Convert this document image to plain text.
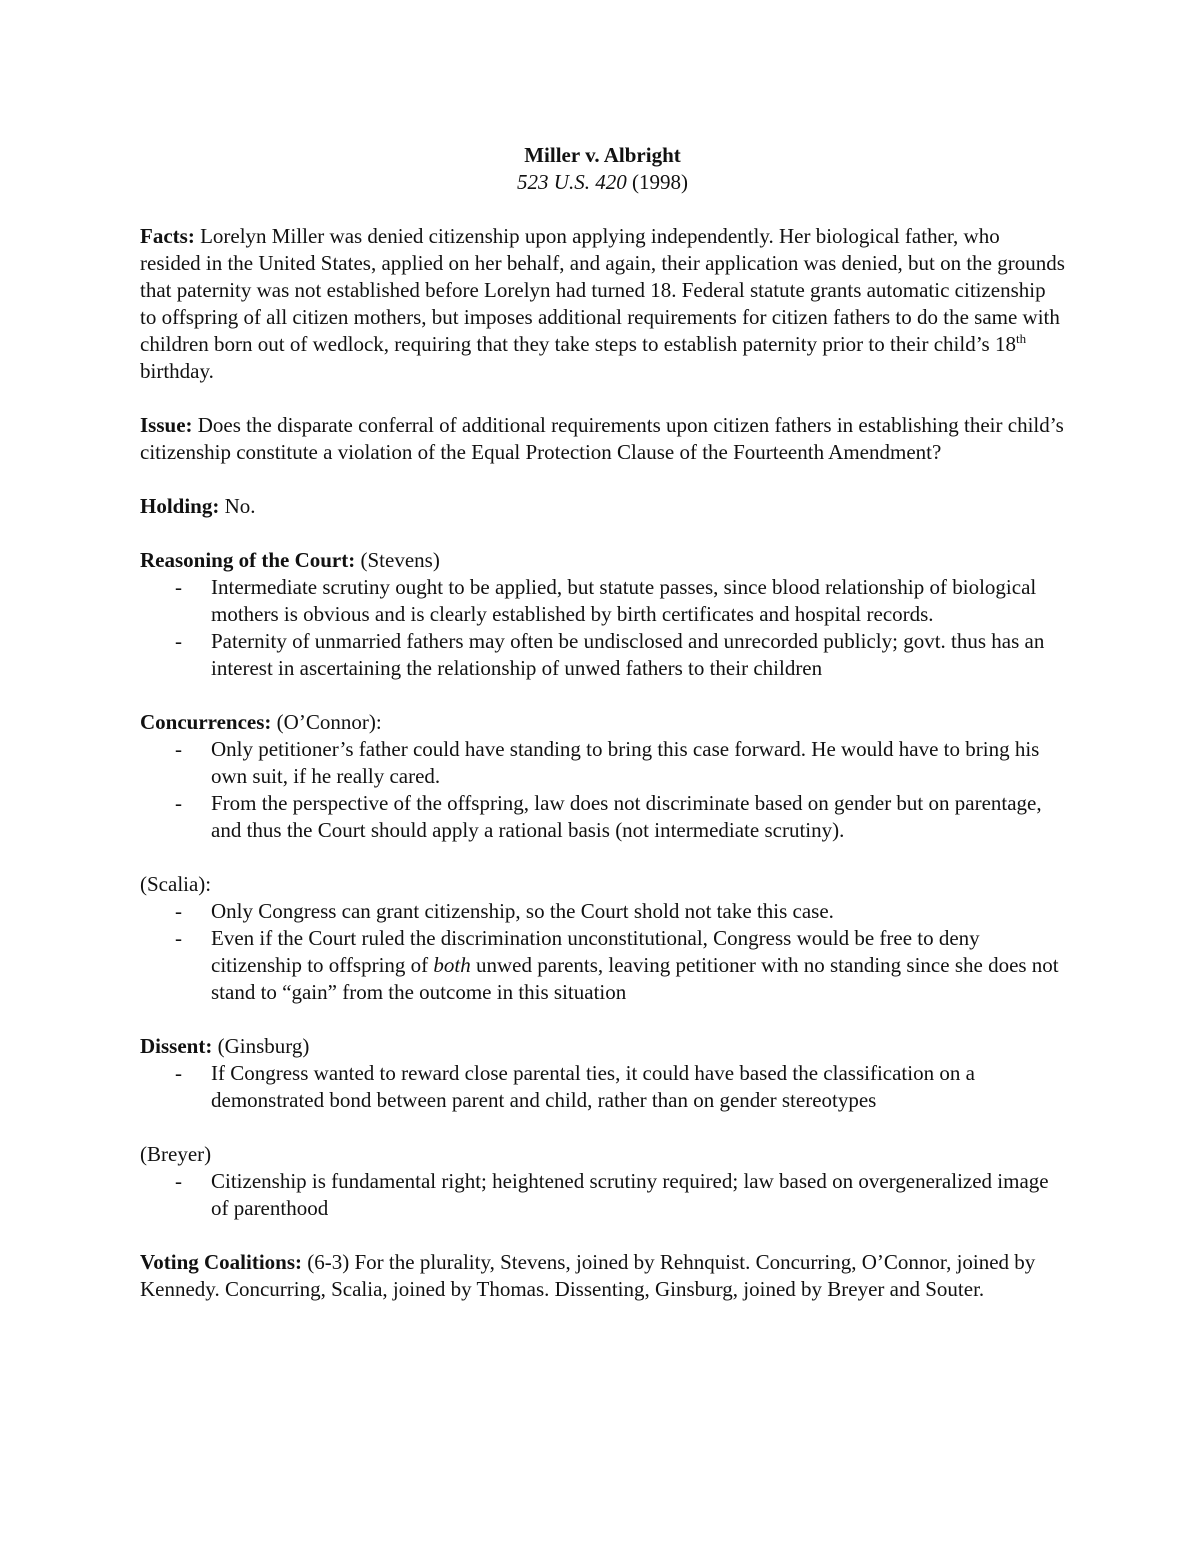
Miller v. Albright

523 U.S. 420 (1998)

Facts: Lorelyn Miller was denied citizenship upon applying independently. Her biological father, who resided in the United States, applied on her behalf, and again, their application was denied, but on the grounds that paternity was not established before Lorelyn had turned 18. Federal statute grants automatic citizenship to offspring of all citizen mothers, but imposes additional requirements for citizen fathers to do the same with children born out of wedlock, requiring that they take steps to establish paternity prior to their child’s 18th birthday.

Issue: Does the disparate conferral of additional requirements upon citizen fathers in establishing their child’s citizenship constitute a violation of the Equal Protection Clause of the Fourteenth Amendment?

Holding: No.

Reasoning of the Court: (Stevens)

- Intermediate scrutiny ought to be applied, but statute passes, since blood relationship of biological mothers is obvious and is clearly established by birth certificates and hospital records.
- Paternity of unmarried fathers may often be undisclosed and unrecorded publicly; govt. thus has an interest in ascertaining the relationship of unwed fathers to their children

Concurrences: (O’Connor):

- Only petitioner’s father could have standing to bring this case forward. He would have to bring his own suit, if he really cared.
- From the perspective of the offspring, law does not discriminate based on gender but on parentage, and thus the Court should apply a rational basis (not intermediate scrutiny).

(Scalia):

- Only Congress can grant citizenship, so the Court shold not take this case.
- Even if the Court ruled the discrimination unconstitutional, Congress would be free to deny citizenship to offspring of both unwed parents, leaving petitioner with no standing since she does not stand to “gain” from the outcome in this situation

Dissent: (Ginsburg)

- If Congress wanted to reward close parental ties, it could have based the classification on a demonstrated bond between parent and child, rather than on gender stereotypes

(Breyer)

- Citizenship is fundamental right; heightened scrutiny required; law based on overgeneralized image of parenthood

Voting Coalitions: (6-3) For the plurality, Stevens, joined by Rehnquist. Concurring, O’Connor, joined by Kennedy. Concurring, Scalia, joined by Thomas. Dissenting, Ginsburg, joined by Breyer and Souter.
